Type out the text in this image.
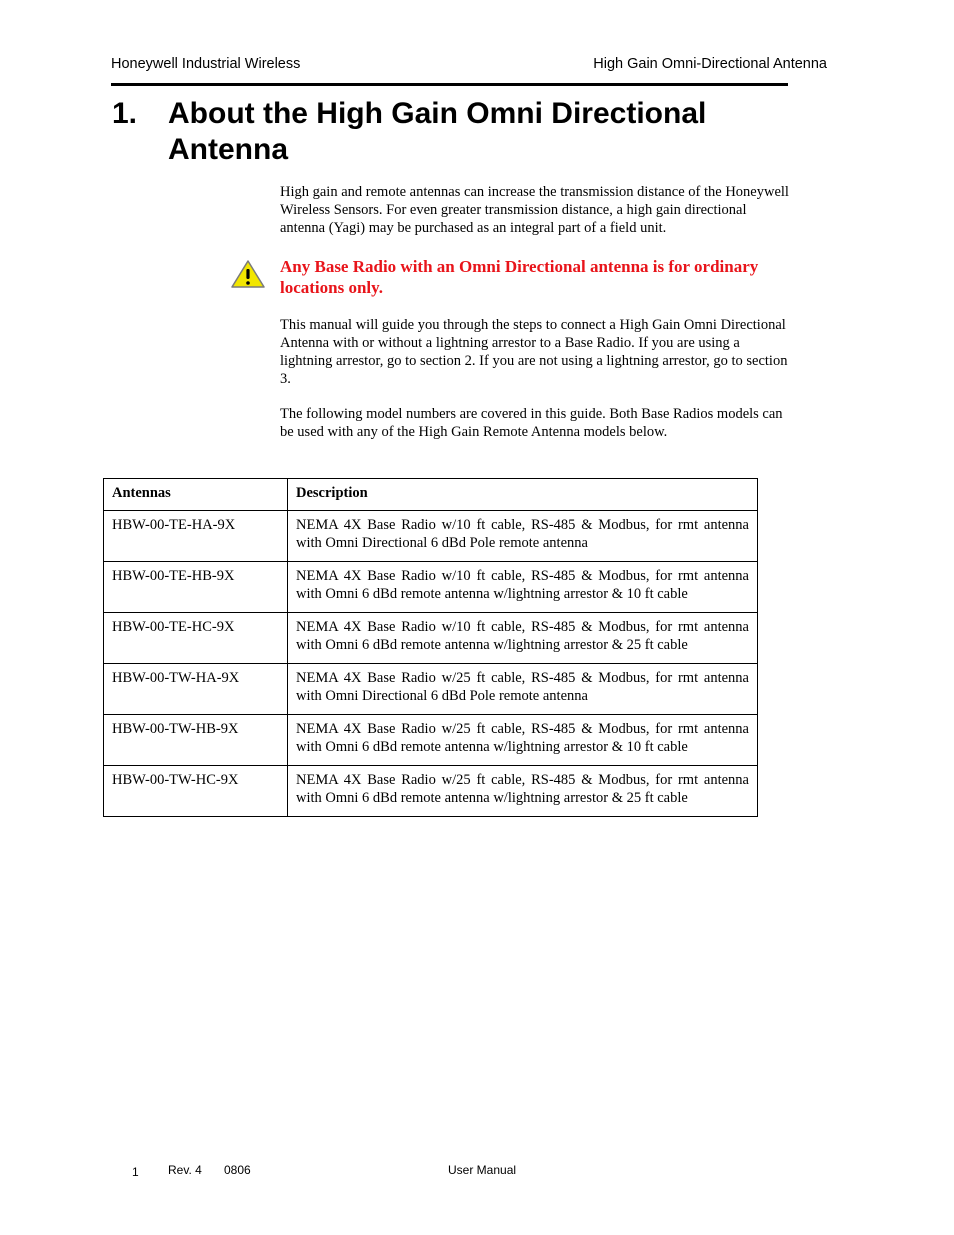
Honeywell Industrial Wireless	High Gain Omni-Directional Antenna
1. About the High Gain Omni Directional Antenna

High gain and remote antennas can increase the transmission distance of the Honeywell Wireless Sensors. For even greater transmission distance, a high gain directional antenna (Yagi) may be purchased as an integral part of a field unit.

Any Base Radio with an Omni Directional antenna is for ordinary locations only.

This manual will guide you through the steps to connect a High Gain Omni Directional Antenna with or without a lightning arrestor to a Base Radio. If you are using a lightning arrestor, go to section 2. If you are not using a lightning arrestor, go to section 3.

The following model numbers are covered in this guide. Both Base Radios models can be used with any of the High Gain Remote Antenna models below.

Antennas	Description
HBW-00-TE-HA-9X	NEMA 4X Base Radio w/10 ft cable, RS-485 & Modbus, for rmt antenna with Omni Directional 6 dBd Pole remote antenna
HBW-00-TE-HB-9X	NEMA 4X Base Radio w/10 ft cable, RS-485 & Modbus, for rmt antenna with Omni 6 dBd remote antenna w/lightning arrestor & 10 ft cable
HBW-00-TE-HC-9X	NEMA 4X Base Radio w/10 ft cable, RS-485 & Modbus, for rmt antenna with Omni 6 dBd remote antenna w/lightning arrestor & 25 ft cable
HBW-00-TW-HA-9X	NEMA 4X Base Radio w/25 ft cable, RS-485 & Modbus, for rmt antenna with Omni Directional 6 dBd Pole remote antenna
HBW-00-TW-HB-9X	NEMA 4X Base Radio w/25 ft cable, RS-485 & Modbus, for rmt antenna with Omni 6 dBd remote antenna w/lightning arrestor & 10 ft cable
HBW-00-TW-HC-9X	NEMA 4X Base Radio w/25 ft cable, RS-485 & Modbus, for rmt antenna with Omni 6 dBd remote antenna w/lightning arrestor & 25 ft cable
1 Rev. 4 0806	User Manual
